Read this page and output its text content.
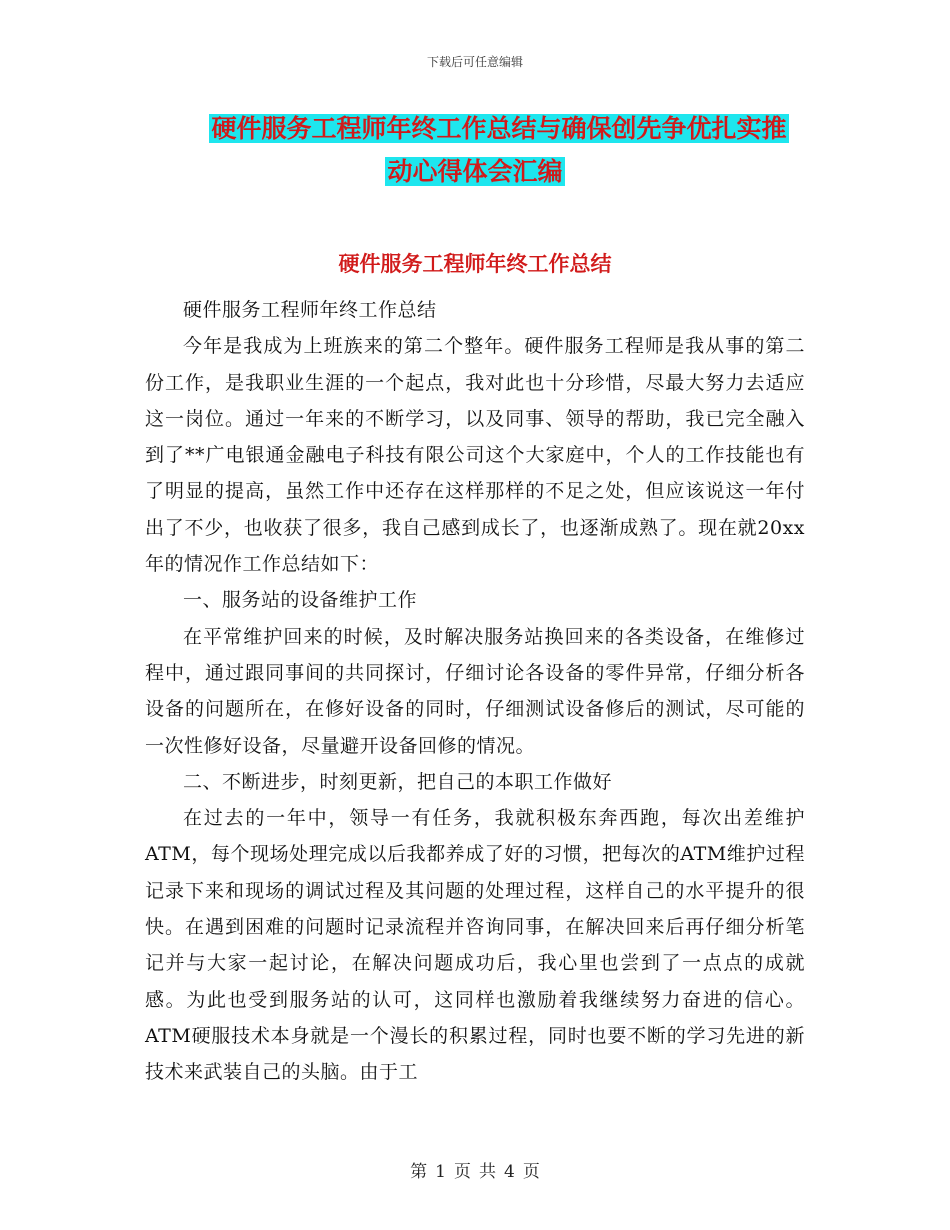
下载后可任意编辑
硬件服务工程师年终工作总结与确保创先争优扎实推
动心得体会汇编
硬件服务工程师年终工作总结

硬件服务工程师年终工作总结

今年是我成为上班族来的第二个整年。硬件服务工程师是我从事的第二份工作，是我职业生涯的一个起点，我对此也十分珍惜，尽最大努力去适应这一岗位。通过一年来的不断学习，以及同事、领导的帮助，我已完全融入到了**广电银通金融电子科技有限公司这个大家庭中，个人的工作技能也有了明显的提高，虽然工作中还存在这样那样的不足之处，但应该说这一年付出了不少，也收获了很多，我自己感到成长了，也逐渐成熟了。现在就20xx年的情况作工作总结如下：

一、服务站的设备维护工作

在平常维护回来的时候，及时解决服务站换回来的各类设备，在维修过程中，通过跟同事间的共同探讨，仔细讨论各设备的零件异常，仔细分析各设备的问题所在，在修好设备的同时，仔细测试设备修后的测试，尽可能的一次性修好设备，尽量避开设备回修的情况。

二、不断进步，时刻更新，把自己的本职工作做好

在过去的一年中，领导一有任务，我就积极东奔西跑，每次出差维护ATM，每个现场处理完成以后我都养成了好的习惯，把每次的ATM维护过程记录下来和现场的调试过程及其问题的处理过程，这样自己的水平提升的很快。在遇到困难的问题时记录流程并咨询同事，在解决回来后再仔细分析笔记并与大家一起讨论，在解决问题成功后，我心里也尝到了一点点的成就感。为此也受到服务站的认可，这同样也激励着我继续努力奋进的信心。ATM硬服技术本身就是一个漫长的积累过程，同时也要不断的学习先进的新技术来武装自己的头脑。由于工

第 1 页 共 4 页
